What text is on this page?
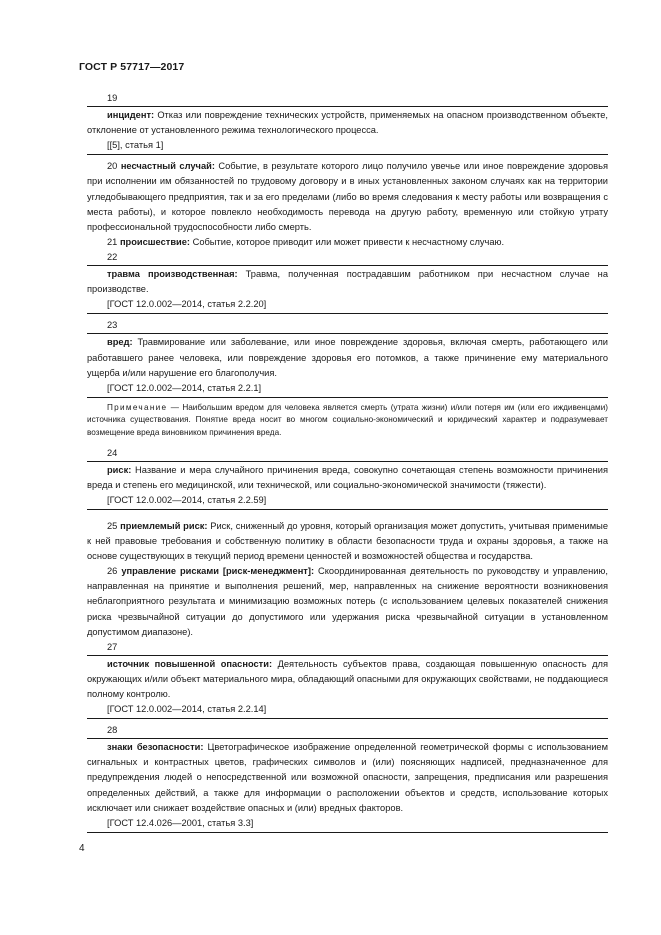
ГОСТ Р 57717—2017

19

инцидент: Отказ или повреждение технических устройств, применяемых на опасном производственном объекте, отклонение от установленного режима технологического процесса.

[[5], статья 1]

20 несчастный случай: Событие, в результате которого лицо получило увечье или иное повреждение здоровья при исполнении им обязанностей по трудовому договору и в иных установленных законом случаях как на территории угледобывающего предприятия, так и за его пределами (либо во время следования к месту работы или возвращения с места работы), и которое повлекло необходимость перевода на другую работу, временную или стойкую утрату профессиональной трудоспособности либо смерть.

21 происшествие: Событие, которое приводит или может привести к несчастному случаю.

22

травма производственная: Травма, полученная пострадавшим работником при несчастном случае на производстве.

[ГОСТ 12.0.002—2014, статья 2.2.20]

23

вред: Травмирование или заболевание, или иное повреждение здоровья, включая смерть, работающего или работавшего ранее человека, или повреждение здоровья его потомков, а также причинение ему материального ущерба и/или нарушение его благополучия.

[ГОСТ 12.0.002—2014, статья 2.2.1]

Примечание — Наибольшим вредом для человека является смерть (утрата жизни) и/или потеря им (или его иждивенцами) источника существования. Понятие вреда носит во многом социально-экономический и юридический характер и подразумевает возмещение вреда виновником причинения вреда.

24

риск: Название и мера случайного причинения вреда, совокупно сочетающая степень возможности причинения вреда и степень его медицинской, или технической, или социально-экономической значимости (тяжести).

[ГОСТ 12.0.002—2014, статья 2.2.59]

25 приемлемый риск: Риск, сниженный до уровня, который организация может допустить, учитывая применимые к ней правовые требования и собственную политику в области безопасности труда и охраны здоровья, а также на основе существующих в текущий период времени ценностей и возможностей общества и государства.

26 управление рисками [риск-менеджмент]: Скоординированная деятельность по руководству и управлению, направленная на принятие и выполнения решений, мер, направленных на снижение вероятности возникновения неблагоприятного результата и минимизацию возможных потерь (с использованием целевых показателей снижения риска чрезвычайной ситуации до допустимого или удержания риска чрезвычайной ситуации в установленном допустимом диапазоне).

27

источник повышенной опасности: Деятельность субъектов права, создающая повышенную опасность для окружающих и/или объект материального мира, обладающий опасными для окружающих свойствами, не поддающиеся полному контролю.

[ГОСТ 12.0.002—2014, статья 2.2.14]

28

знаки безопасности: Цветографическое изображение определенной геометрической формы с использованием сигнальных и контрастных цветов, графических символов и (или) поясняющих надписей, предназначенное для предупреждения людей о непосредственной или возможной опасности, запрещения, предписания или разрешения определенных действий, а также для информации о расположении объектов и средств, использование которых исключает или снижает воздействие опасных и (или) вредных факторов.

[ГОСТ 12.4.026—2001, статья 3.3]

4
